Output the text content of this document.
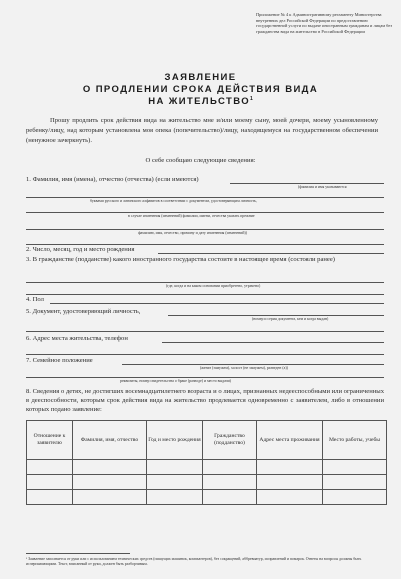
Приложение № 4 к Административному регламенту Министерства внутренних дел Российской Федерации по предоставлению государственной услуги по выдаче иностранным гражданам и лицам без гражданства вида на жительство в Российской Федерации
ЗАЯВЛЕНИЕ
О ПРОДЛЕНИИ СРОКА ДЕЙСТВИЯ ВИДА
НА ЖИТЕЛЬСТВО$^1$
Прошу продлить срок действия вида на жительство мне и/или моему сыну, моей дочери, моему усыновленному ребенку/лицу, над которым установлена моя опека (попечительство)/лицу, находящемуся на государственном обеспечении (ненужное зачеркнуть).
О себе сообщаю следующие сведения:
1. Фамилия, имя (имена), отчество (отчества) (если имеются)
(фамилия и имя указываются
буквами русского и латинского алфавитов в соответствии с документом, удостоверяющим личность,
в случае изменения (изменений) фамилии, имени, отчества указать прежние
фамилию, имя, отчество, причину и дату изменения (изменений))
2. Число, месяц, год и место рождения
3. В гражданстве (подданстве) какого иностранного государства состоите в настоящее время (состояли ранее)
(где, когда и на каком основании приобретено, утрачено)
4. Пол
5. Документ, удостоверяющий личность,
(номер и серия документа, кем и когда выдан)
6. Адрес места жительства, телефон
7. Семейное положение
(женат (замужем), холост (не замужем), разведен (а))
реквизиты, номер свидетельства о браке (разводе) и место выдачи)
8. Сведения о детях, не достигших восемнадцатилетнего возраста и о лицах, признанных недееспособными или ограниченных в дееспособности, которым срок действия вида на жительство продлевается одновременно с заявителем, либо в отношении которых подано заявление:
Отношение к заявителю	Фамилия, имя, отчество	Год и место рождения	Гражданство (подданство)	Адрес места проживания	Место работы, учебы

¹ Заявление заполняется от руки или с использованием технических средств (пишущих машинок, компьютеров), без сокращений, аббревиатур, исправлений и помарок. Ответы на вопросы должны быть исчерпывающими. Текст, вписанный от руки, должен быть разборчивым.
